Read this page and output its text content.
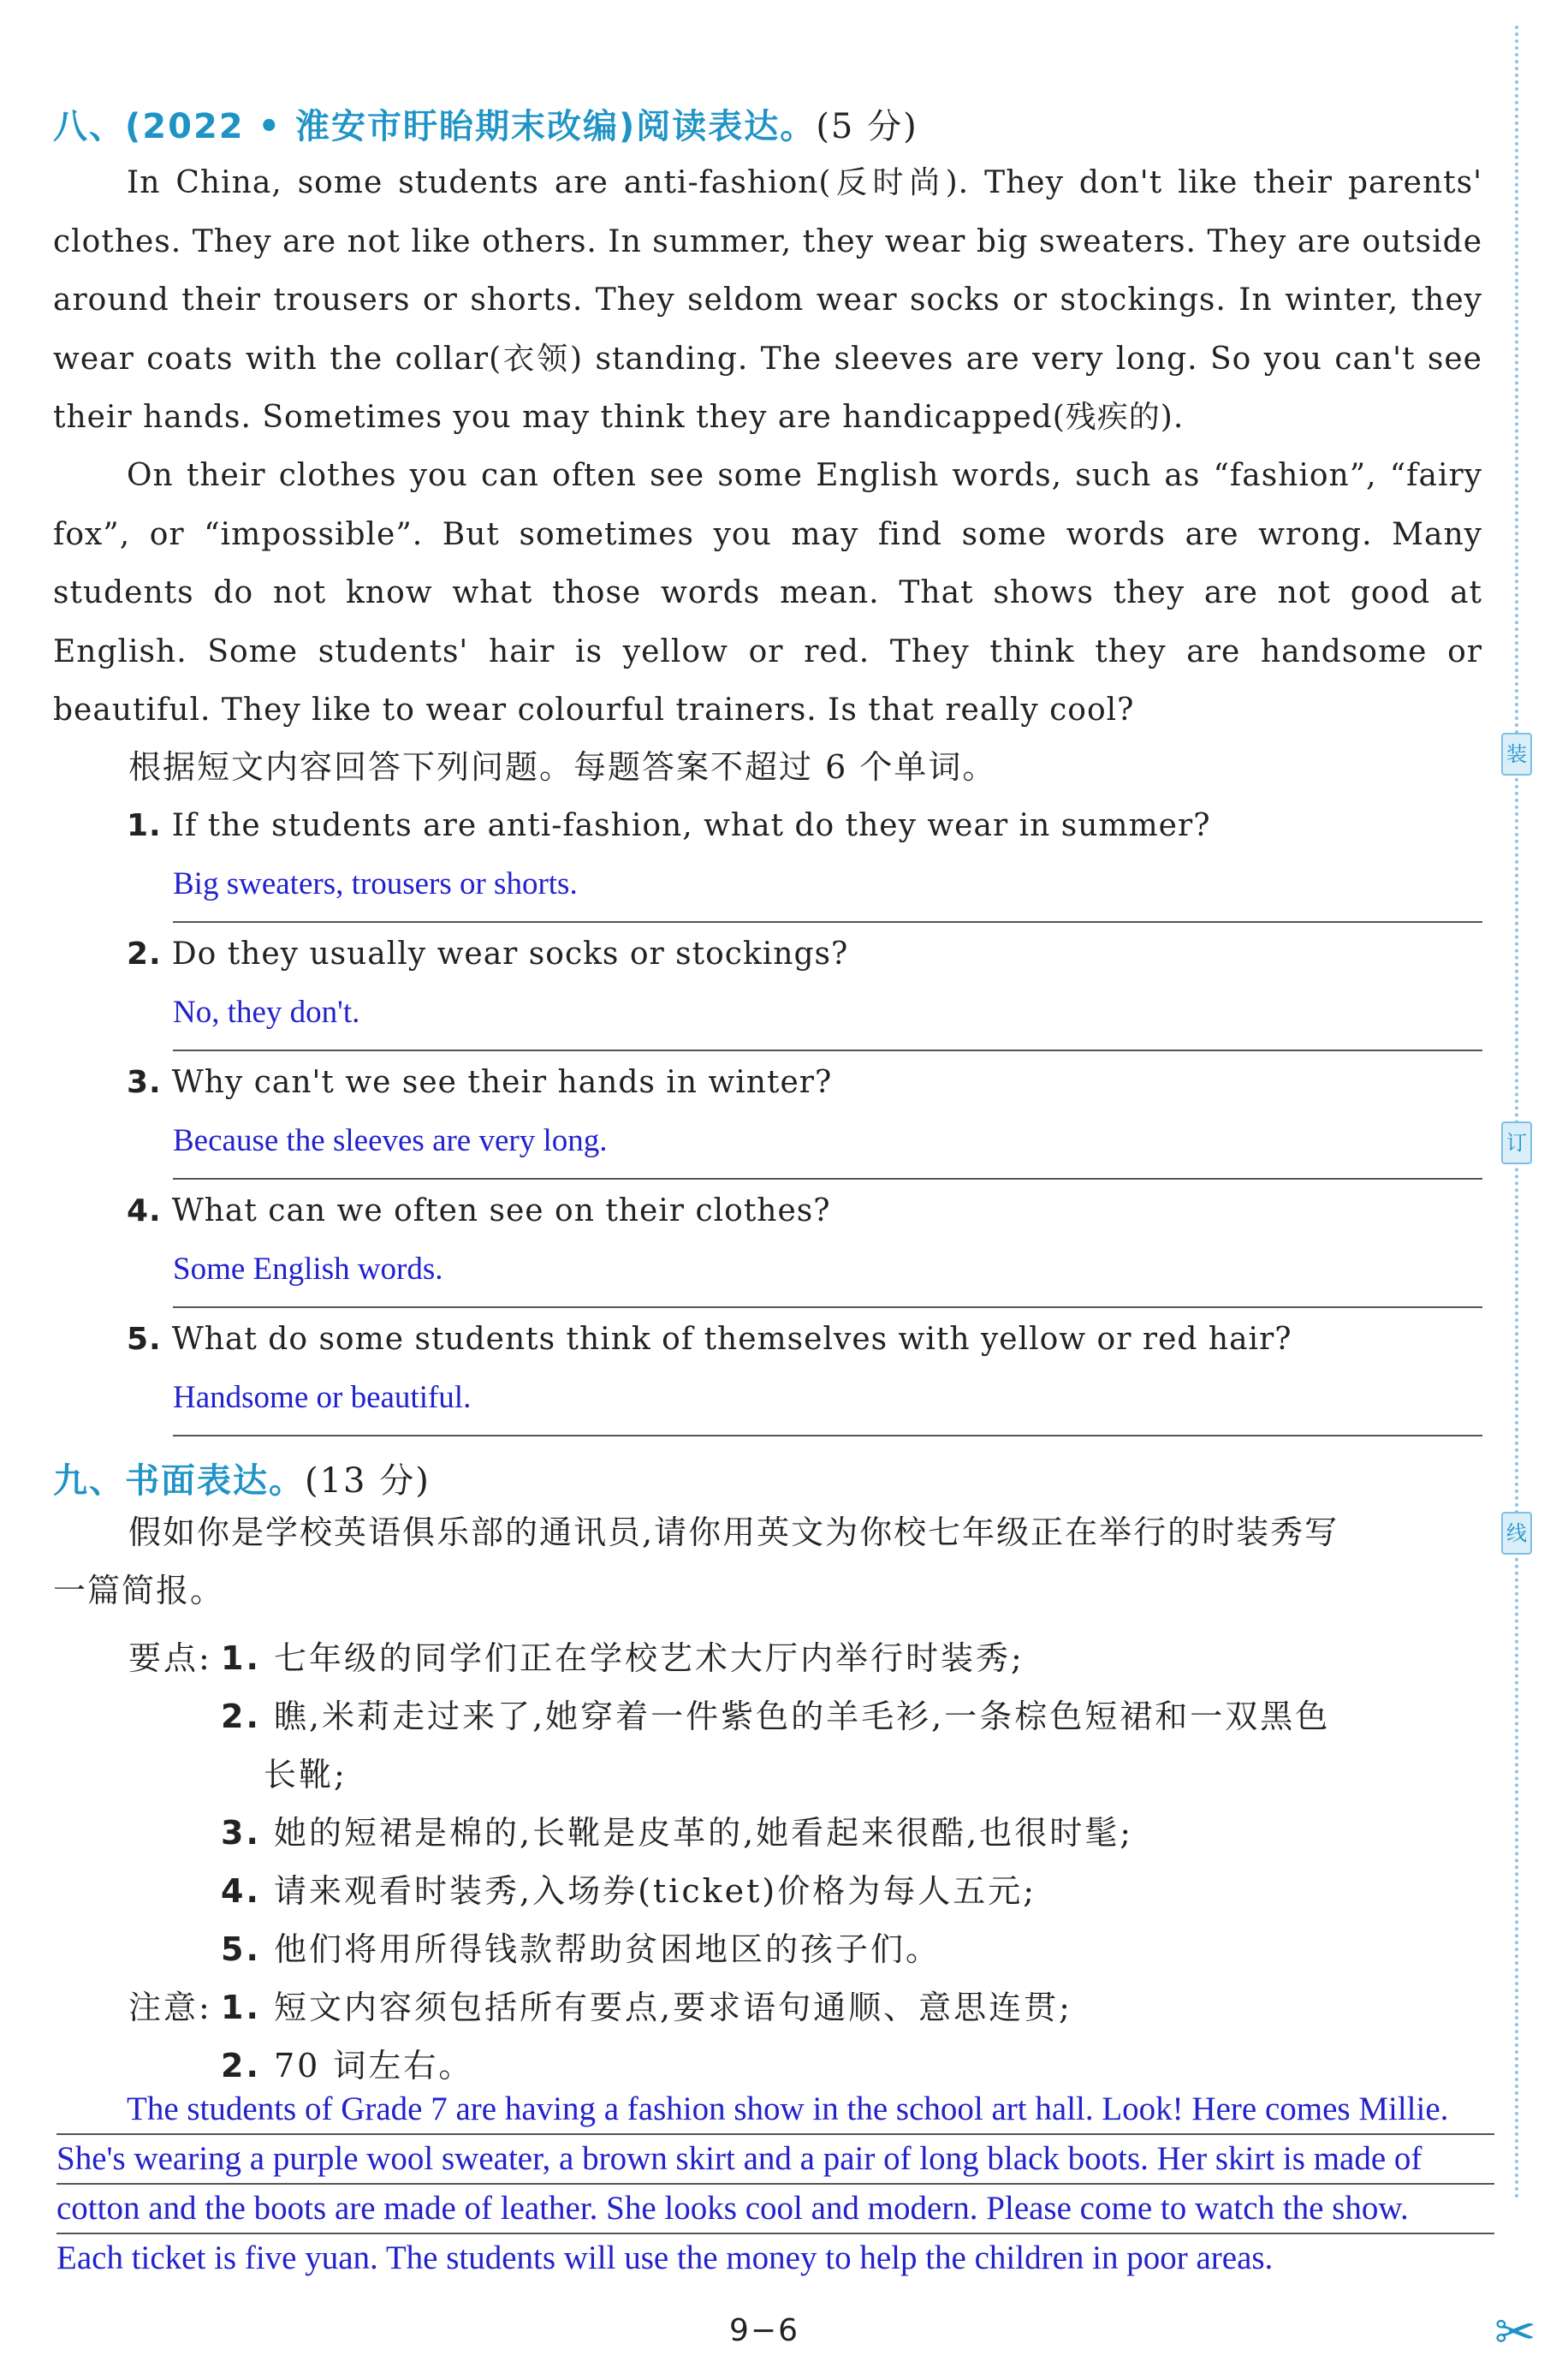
八、(2022 • 淮安市盱眙期末改编)阅读表达。(5 分)

In China, some students are anti-fashion(反时尚). They don't like their parents' clothes. They are not like others. In summer, they wear big sweaters. They are outside around their trousers or shorts. They seldom wear socks or stockings. In winter, they wear coats with the collar(衣领) standing. The sleeves are very long. So you can't see their hands. Sometimes you may think they are handicapped(残疾的).

On their clothes you can often see some English words, such as “fashion”, “fairy fox”, or “impossible”. But sometimes you may find some words are wrong. Many students do not know what those words mean. That shows they are not good at English. Some students' hair is yellow or red. They think they are handsome or beautiful. They like to wear colourful trainers. Is that really cool?

根据短文内容回答下列问题。每题答案不超过 6 个单词。
1. If the students are anti-fashion, what do they wear in summer?
Big sweaters, trousers or shorts.
2. Do they usually wear socks or stockings?
No, they don't.
3. Why can't we see their hands in winter?
Because the sleeves are very long.
4. What can we often see on their clothes?
Some English words.
5. What do some students think of themselves with yellow or red hair?
Handsome or beautiful.
九、书面表达。(13 分)
假如你是学校英语俱乐部的通讯员,请你用英文为你校七年级正在举行的时装秀写
一篇简报。
要点: 1. 七年级的同学们正在学校艺术大厅内举行时装秀;
2. 瞧,米莉走过来了,她穿着一件紫色的羊毛衫,一条棕色短裙和一双黑色
长靴;
3. 她的短裙是棉的,长靴是皮革的,她看起来很酷,也很时髦;
4. 请来观看时装秀,入场券(ticket)价格为每人五元;
5. 他们将用所得钱款帮助贫困地区的孩子们。
注意: 1. 短文内容须包括所有要点,要求语句通顺、意思连贯;
2. 70 词左右。
The students of Grade 7 are having a fashion show in the school art hall. Look! Here comes Millie.
She's wearing a purple wool sweater, a brown skirt and a pair of long black boots. Her skirt is made of
cotton and the boots are made of leather. She looks cool and modern. Please come to watch the show.
Each ticket is five yuan. The students will use the money to help the children in poor areas.
装
订
线
✂
9−6
